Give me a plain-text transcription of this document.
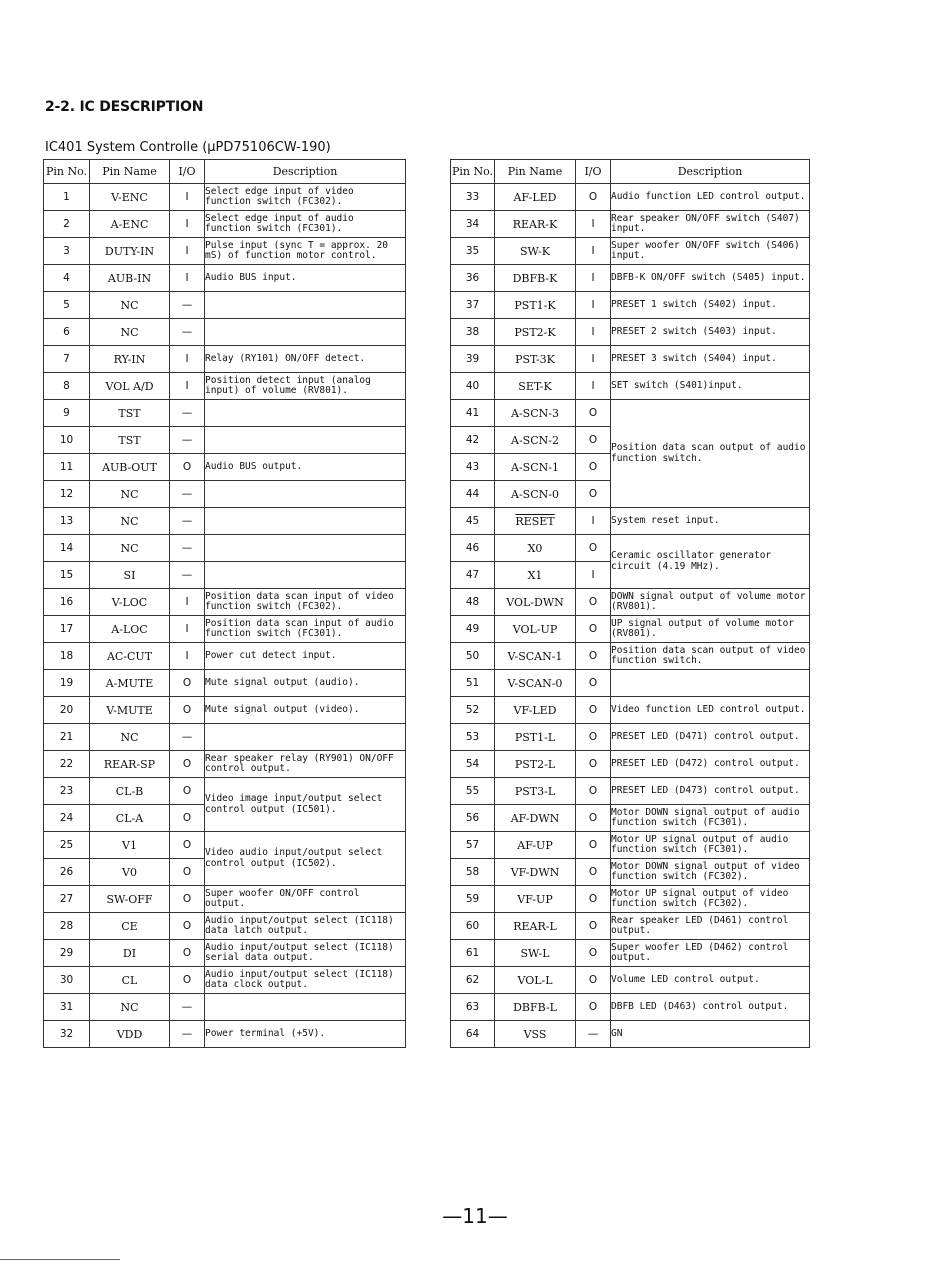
2-2. IC DESCRIPTION

IC401 System Controlle (μPD75106CW-190)

Pin No.	Pin Name	I/O	Description
1	V-ENC	I	Select edge input of video function switch (FC302).
2	A-ENC	I	Select edge input of audio function switch (FC301).
3	DUTY-IN	I	Pulse input (sync T = approx. 20 mS) of function motor control.
4	AUB-IN	I	Audio BUS input.
5	NC	—	
6	NC	—	
7	RY-IN	I	Relay (RY101) ON/OFF detect.
8	VOL A/D	I	Position detect input (analog input) of volume (RV801).
9	TST	—	
10	TST	—	
11	AUB-OUT	O	Audio BUS output.
12	NC	—	
13	NC	—	
14	NC	—	
15	SI	—	
16	V-LOC	I	Position data scan input of video function switch (FC302).
17	A-LOC	I	Position data scan input of audio function switch (FC301).
18	AC-CUT	I	Power cut detect input.
19	A-MUTE	O	Mute signal output (audio).
20	V-MUTE	O	Mute signal output (video).
21	NC	—	
22	REAR-SP	O	Rear speaker relay (RY901) ON/OFF control output.
23	CL-B	O	Video image input/output select control output (IC501).
24	CL-A	O	
25	V1	O	Video audio input/output select control output (IC502).
26	V0	O	
27	SW-OFF	O	Super woofer ON/OFF control output.
28	CE	O	Audio input/output select (IC118) data latch output.
29	DI	O	Audio input/output select (IC118) serial data output.
30	CL	O	Audio input/output select (IC118) data clock output.
31	NC	—	
32	VDD	—	Power terminal (+5V).
Pin No.	Pin Name	I/O	Description
33	AF-LED	O	Audio function LED control output.
34	REAR-K	I	Rear speaker ON/OFF switch (S407) input.
35	SW-K	I	Super woofer ON/OFF switch (S406) input.
36	DBFB-K	I	DBFB-K ON/OFF switch (S405) input.
37	PST1-K	I	PRESET 1 switch (S402) input.
38	PST2-K	I	PRESET 2 switch (S403) input.
39	PST-3K	I	PRESET 3 switch (S404) input.
40	SET-K	I	SET switch (S401)input.
41	A-SCN-3	O	Position data scan output of audio function switch.
42	A-SCN-2	O	
43	A-SCN-1	O	
44	A-SCN-0	O	
45	RESET	I	System reset input.
46	X0	O	Ceramic oscillator generator circuit (4.19 MHz).
47	X1	I	
48	VOL-DWN	O	DOWN signal output of volume motor (RV801).
49	VOL-UP	O	UP signal output of volume motor (RV801).
50	V-SCAN-1	O	Position data scan output of video function switch.
51	V-SCAN-0	O	
52	VF-LED	O	Video function LED control output.
53	PST1-L	O	PRESET LED (D471) control output.
54	PST2-L	O	PRESET LED (D472) control output.
55	PST3-L	O	PRESET LED (D473) control output.
56	AF-DWN	O	Motor DOWN signal output of audio function switch (FC301).
57	AF-UP	O	Motor UP signal output of audio function switch (FC301).
58	VF-DWN	O	Motor DOWN signal output of video function switch (FC302).
59	VF-UP	O	Motor UP signal output of video function switch (FC302).
60	REAR-L	O	Rear speaker LED (D461) control output.
61	SW-L	O	Super woofer LED (D462) control output.
62	VOL-L	O	Volume LED control output.
63	DBFB-L	O	DBFB LED (D463) control output.
64	VSS	—	GN
—11—
